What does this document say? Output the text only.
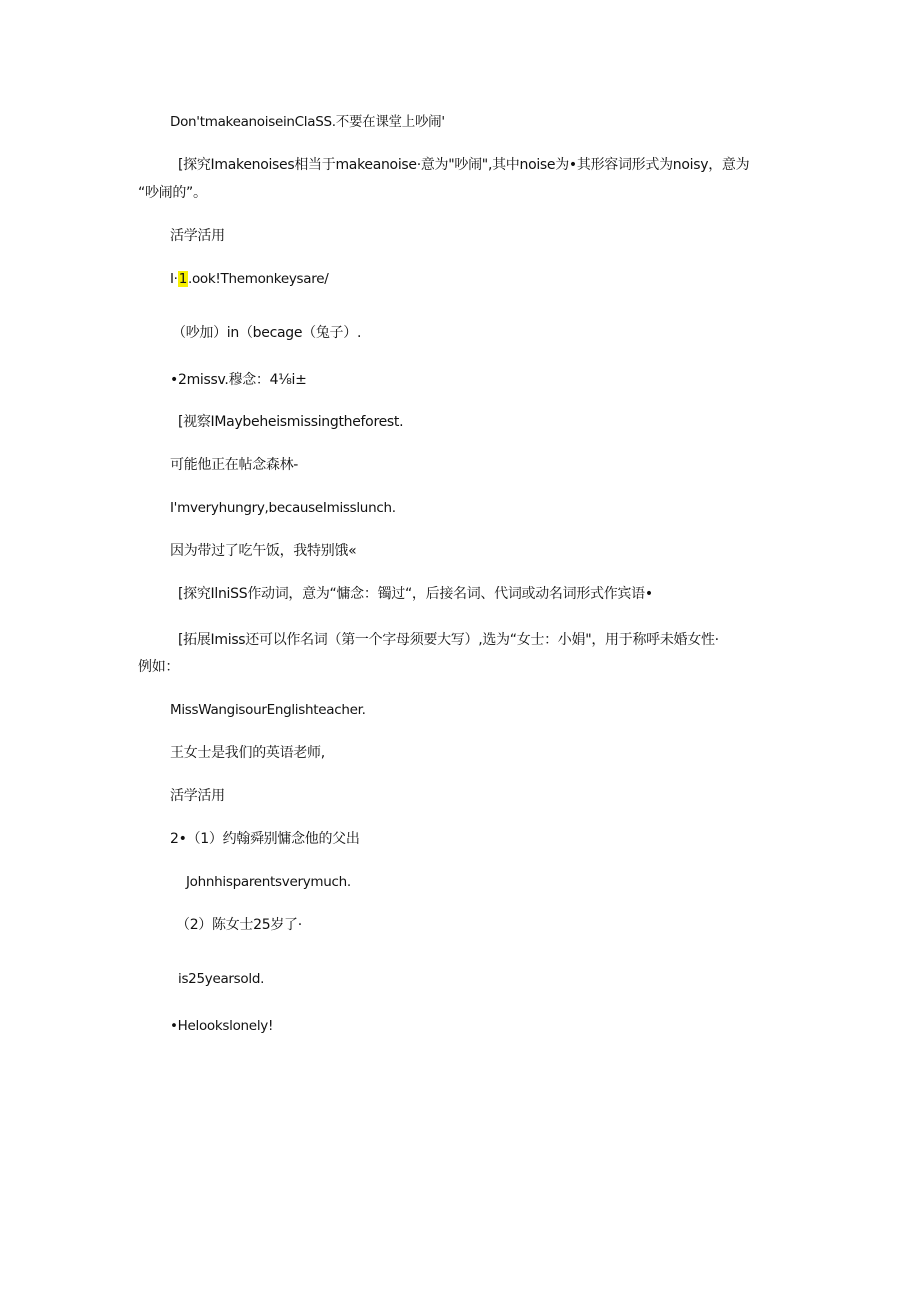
Don'tmakeanoiseinClaSS.不要在课堂上吵闹'
[探究Imakenoises相当于makeanoise·意为"吵闹",其中noise为•其形容词形式为noisy，意为
“吵闹的”。
活学活用
I·1.ook!Themonkeysare/
（吵加）in（becage（兔子）.
•2missv.穆念：4⅛i±
[视察IMaybeheismissingtheforest.
可能他正在帖念森林-
I'mveryhungry,becauseImisslunch.
因为带过了吃午饭，我特别饿«
[探究IlniSS作动词，意为“慵念：镯过“，后接名词、代词或动名词形式作宾语•
[拓展Imiss还可以作名词（第一个字母须要大写）,选为“女士：小娟"，用于称呼未婚女性·
例如：
MissWangisourEnglishteacher.
王女士是我们的英语老师,
活学活用
2•（1）约翰舜别慵念他的父出
Johnhisparentsverymuch.
（2）陈女士25岁了·
is25yearsold.
•Helookslonely!
